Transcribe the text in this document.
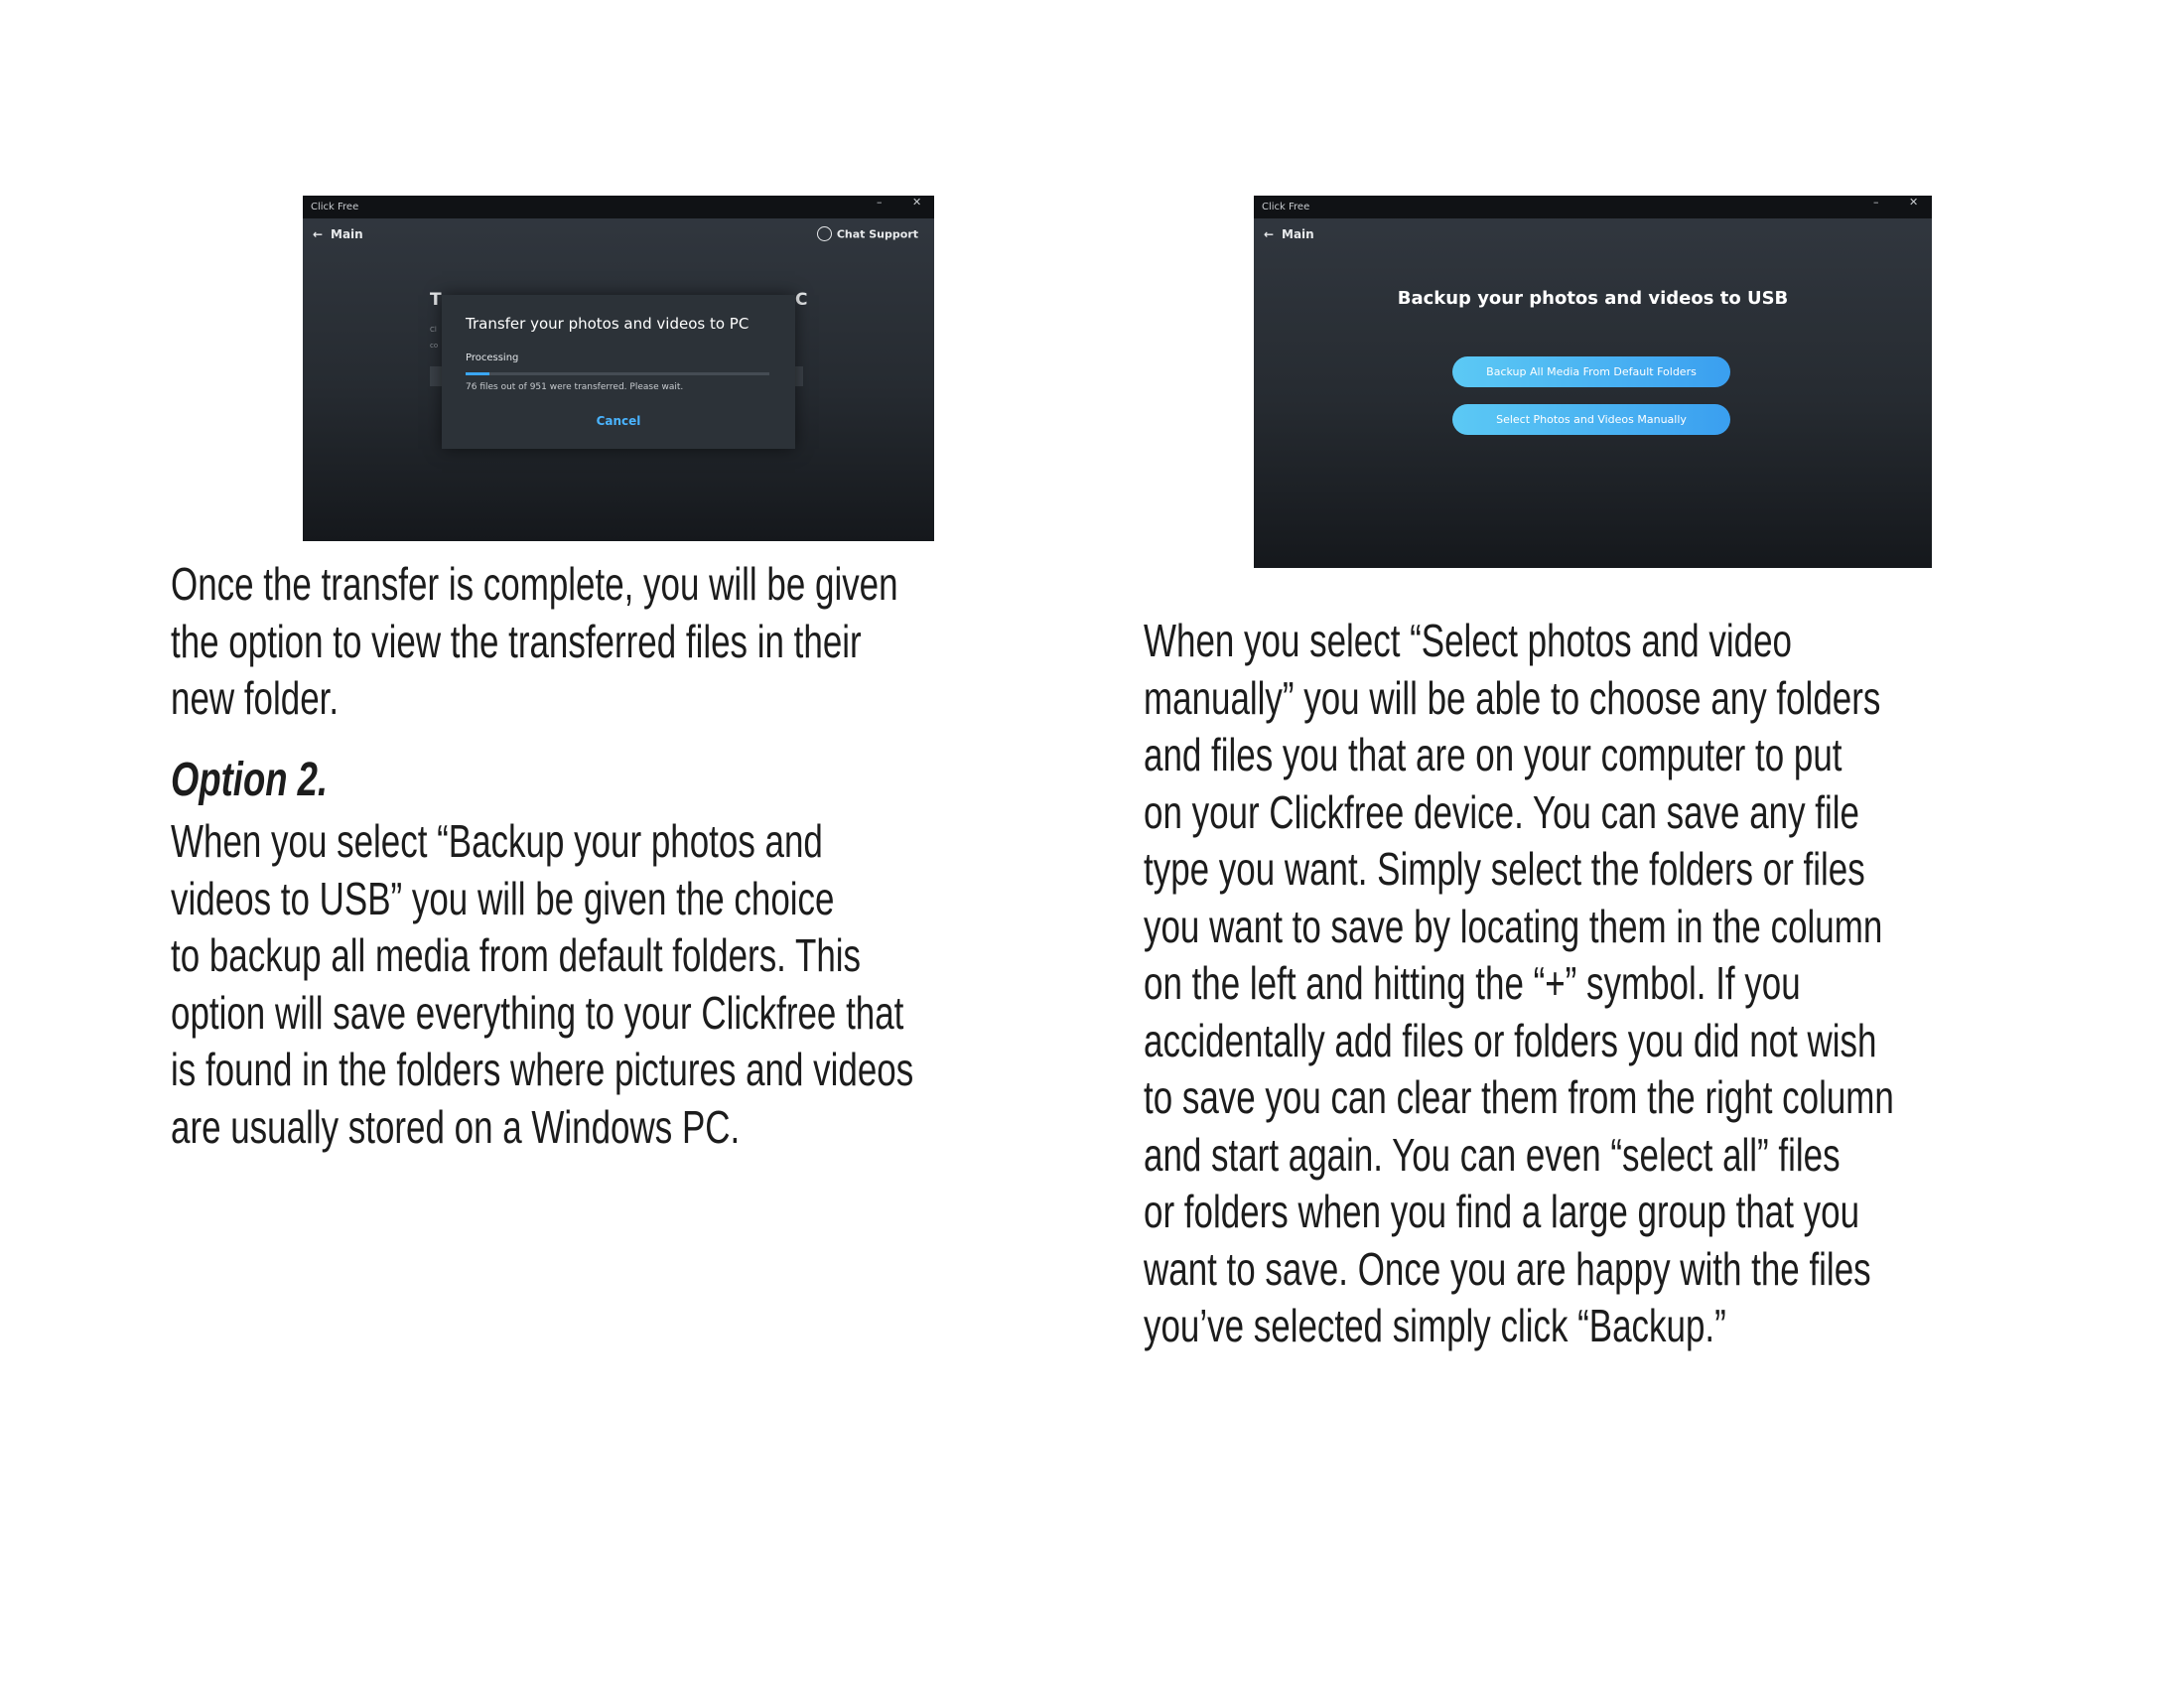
Click Free	–	✕
← Main	Chat Support
T	C
Cl
co
Transfer your photos and videos to PC
Processing
76 files out of 951 were transferred. Please wait.
Cancel
Click Free	–	✕
← Main
Backup your photos and videos to USB
Backup All Media From Default Folders
Select Photos and Videos Manually
Once the transfer is complete, you will be given
the option to view the transferred files in their
new folder.
Option 2.
When you select “Backup your photos and
videos to USB” you will be given the choice
to backup all media from default folders. This
option will save everything to your Clickfree that
is found in the folders where pictures and videos
are usually stored on a Windows PC.
When you select “Select photos and video
manually” you will be able to choose any folders
and files you that are on your computer to put
on your Clickfree device. You can save any file
type you want. Simply select the folders or files
you want to save by locating them in the column
on the left and hitting the “+” symbol. If you
accidentally add files or folders you did not wish
to save you can clear them from the right column
and start again. You can even “select all” files
or folders when you find a large group that you
want to save. Once you are happy with the files
you’ve selected simply click “Backup.”
